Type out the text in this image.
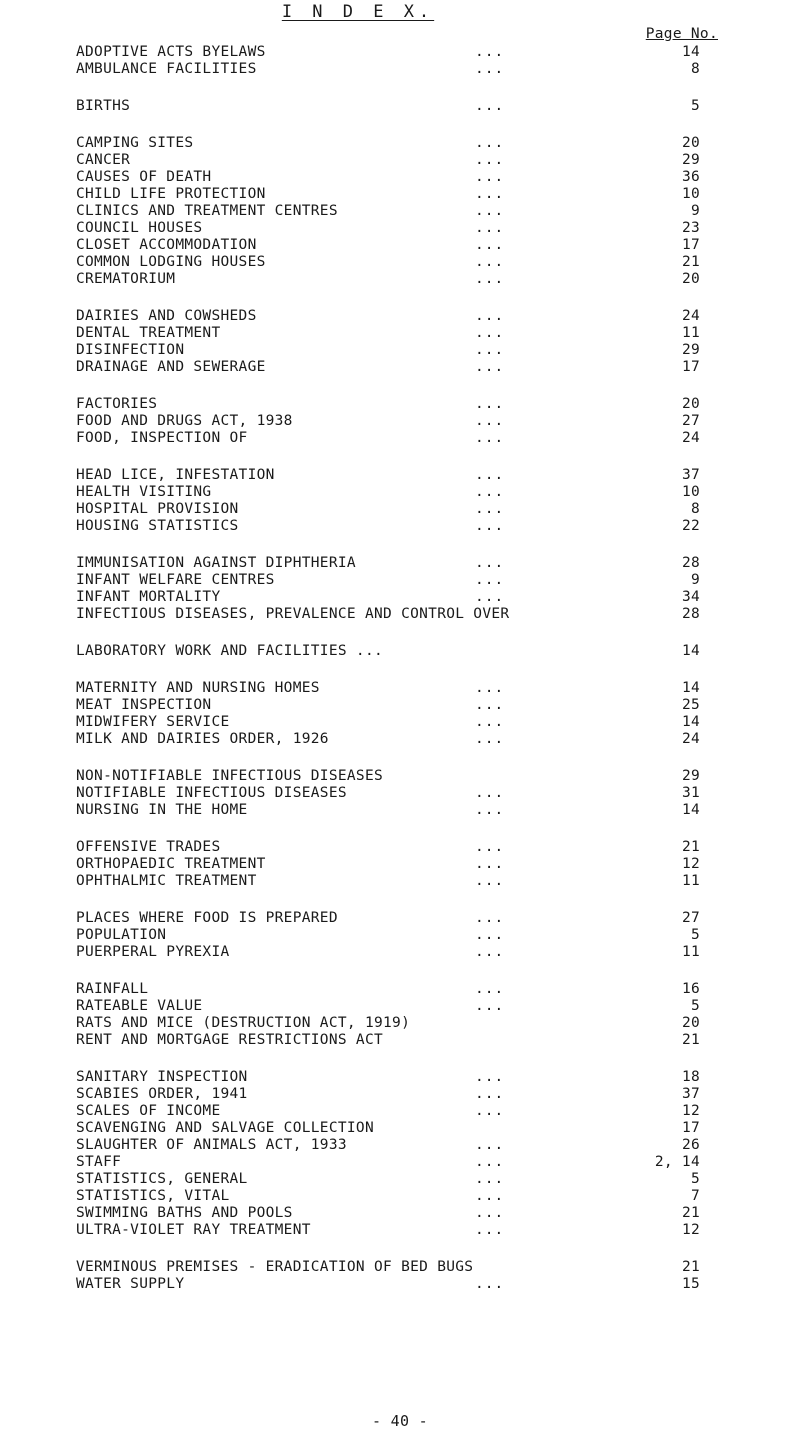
I N D E X.
Page No.
ADOPTIVE ACTS BYELAWS	...	14
AMBULANCE FACILITIES	...	8
BIRTHS	...	5
CAMPING SITES	...	20
CANCER	...	29
CAUSES OF DEATH	...	36
CHILD LIFE PROTECTION	...	10
CLINICS AND TREATMENT CENTRES	...	9
COUNCIL HOUSES	...	23
CLOSET ACCOMMODATION	...	17
COMMON LODGING HOUSES	...	21
CREMATORIUM	...	20
DAIRIES AND COWSHEDS	...	24
DENTAL TREATMENT	...	11
DISINFECTION	...	29
DRAINAGE AND SEWERAGE	...	17
FACTORIES	...	20
FOOD AND DRUGS ACT, 1938	...	27
FOOD, INSPECTION OF	...	24
HEAD LICE, INFESTATION	...	37
HEALTH VISITING	...	10
HOSPITAL PROVISION	...	8
HOUSING STATISTICS	...	22
IMMUNISATION AGAINST DIPHTHERIA	...	28
INFANT WELFARE CENTRES	...	9
INFANT MORTALITY	...	34
INFECTIOUS DISEASES, PREVALENCE AND CONTROL OVER	28
LABORATORY WORK AND FACILITIES ...	14
MATERNITY AND NURSING HOMES	...	14
MEAT INSPECTION	...	25
MIDWIFERY SERVICE	...	14
MILK AND DAIRIES ORDER, 1926	...	24
NON-NOTIFIABLE INFECTIOUS DISEASES	29
NOTIFIABLE INFECTIOUS DISEASES	...	31
NURSING IN THE HOME	...	14
OFFENSIVE TRADES	...	21
ORTHOPAEDIC TREATMENT	...	12
OPHTHALMIC TREATMENT	...	11
PLACES WHERE FOOD IS PREPARED	...	27
POPULATION	...	5
PUERPERAL PYREXIA	...	11
RAINFALL	...	16
RATEABLE VALUE	...	5
RATS AND MICE (DESTRUCTION ACT, 1919)	20
RENT AND MORTGAGE RESTRICTIONS ACT	21
SANITARY INSPECTION	...	18
SCABIES ORDER, 1941	...	37
SCALES OF INCOME	...	12
SCAVENGING AND SALVAGE COLLECTION	17
SLAUGHTER OF ANIMALS ACT, 1933	...	26
STAFF	...	2, 14
STATISTICS, GENERAL	...	5
STATISTICS, VITAL	...	7
SWIMMING BATHS AND POOLS	...	21
ULTRA-VIOLET RAY TREATMENT	...	12
VERMINOUS PREMISES - ERADICATION OF BED BUGS	21
WATER SUPPLY	...	15
- 40 -
